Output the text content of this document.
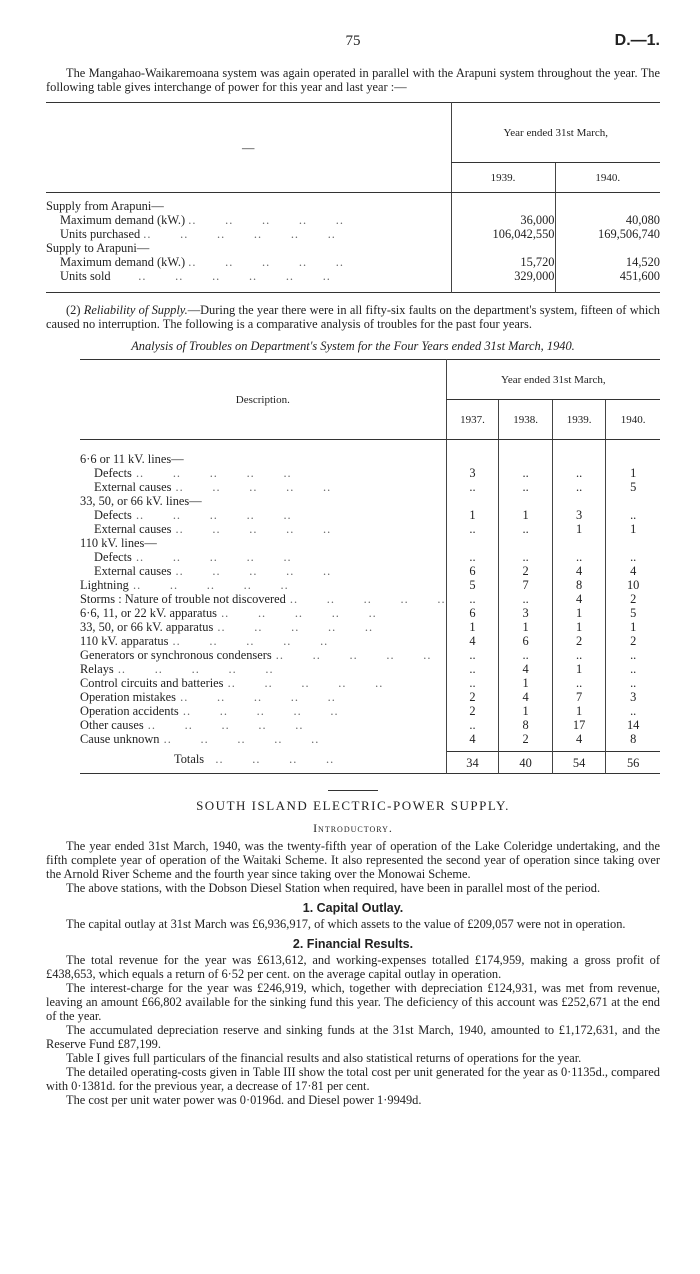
75	D.—1.

The Mangahao-Waikaremoana system was again operated in parallel with the Arapuni system throughout the year. The following table gives interchange of power for this year and last year :—

—	Year ended 31st March,	
	1939.	1940.

Supply from Arapuni—		
Maximum demand (kW.) ..       ..       ..       ..       ..	36,000	40,080
Units purchased ..       ..       ..       ..       ..       ..	106,042,550	169,506,740
Supply to Arapuni—		
Maximum demand (kW.) ..       ..       ..       ..       ..	15,720	14,520
Units sold       ..       ..       ..       ..       ..       ..	329,000	451,600

(2) Reliability of Supply.—During the year there were in all fifty-six faults on the department's system, fifteen of which caused no interruption. The following is a comparative analysis of troubles for the past four years.

Analysis of Troubles on Department's System for the Four Years ended 31st March, 1940.
Description.	Year ended 31st March,			
	1937.	1938.	1939.	1940.

6·6 or 11 kV. lines—				
Defects ..       ..       ..       ..       ..	3	..	..	1
External causes ..       ..       ..       ..       ..	..	..	..	5
33, 50, or 66 kV. lines—				
Defects ..       ..       ..       ..       ..	1	1	3	..
External causes ..       ..       ..       ..       ..	..	..	1	1
110 kV. lines—				
Defects ..       ..       ..       ..       ..	..	..	..	..
External causes ..       ..       ..       ..       ..	6	2	4	4
Lightning ..       ..       ..       ..       ..	5	7	8	10
Storms : Nature of trouble not discovered ..       ..       ..       ..       ..	..	..	4	2
6·6, 11, or 22 kV. apparatus ..       ..       ..       ..       ..	6	3	1	5
33, 50, or 66 kV. apparatus ..       ..       ..       ..       ..	1	1	1	1
110 kV. apparatus ..       ..       ..       ..       ..	4	6	2	2
Generators or synchronous condensers ..       ..       ..       ..       ..	..	..	..	..
Relays ..       ..       ..       ..       ..	..	4	1	..
Control circuits and batteries ..       ..       ..       ..       ..	..	1	..	..
Operation mistakes ..       ..       ..       ..       ..	2	4	7	3
Operation accidents ..       ..       ..       ..       ..	2	1	1	..
Other causes ..       ..       ..       ..       ..	..	8	17	14
Cause unknown ..       ..       ..       ..       ..	4	2	4	8

Totals   ..       ..       ..       ..	34	40	54	56
SOUTH ISLAND ELECTRIC-POWER SUPPLY.
Introductory.

The year ended 31st March, 1940, was the twenty-fifth year of operation of the Lake Coleridge undertaking, and the fifth complete year of operation of the Waitaki Scheme. It also represented the second year of operation since taking over the Arnold River Scheme and the fourth year since taking over the Monowai Scheme.

The above stations, with the Dobson Diesel Station when required, have been in parallel most of the period.

1. Capital Outlay.

The capital outlay at 31st March was £6,936,917, of which assets to the value of £209,057 were not in operation.

2. Financial Results.

The total revenue for the year was £613,612, and working-expenses totalled £174,959, making a gross profit of £438,653, which equals a return of 6·52 per cent. on the average capital outlay in operation.

The interest-charge for the year was £246,919, which, together with depreciation £124,931, was met from revenue, leaving an amount £66,802 available for the sinking fund this year. The deficiency of this account was £252,671 at the end of the year.

The accumulated depreciation reserve and sinking funds at the 31st March, 1940, amounted to £1,172,631, and the Reserve Fund £87,199.

Table I gives full particulars of the financial results and also statistical returns of operations for the year.

The detailed operating-costs given in Table III show the total cost per unit generated for the year as 0·1135d., compared with 0·1381d. for the previous year, a decrease of 17·81 per cent.

The cost per unit water power was 0·0196d. and Diesel power 1·9949d.
